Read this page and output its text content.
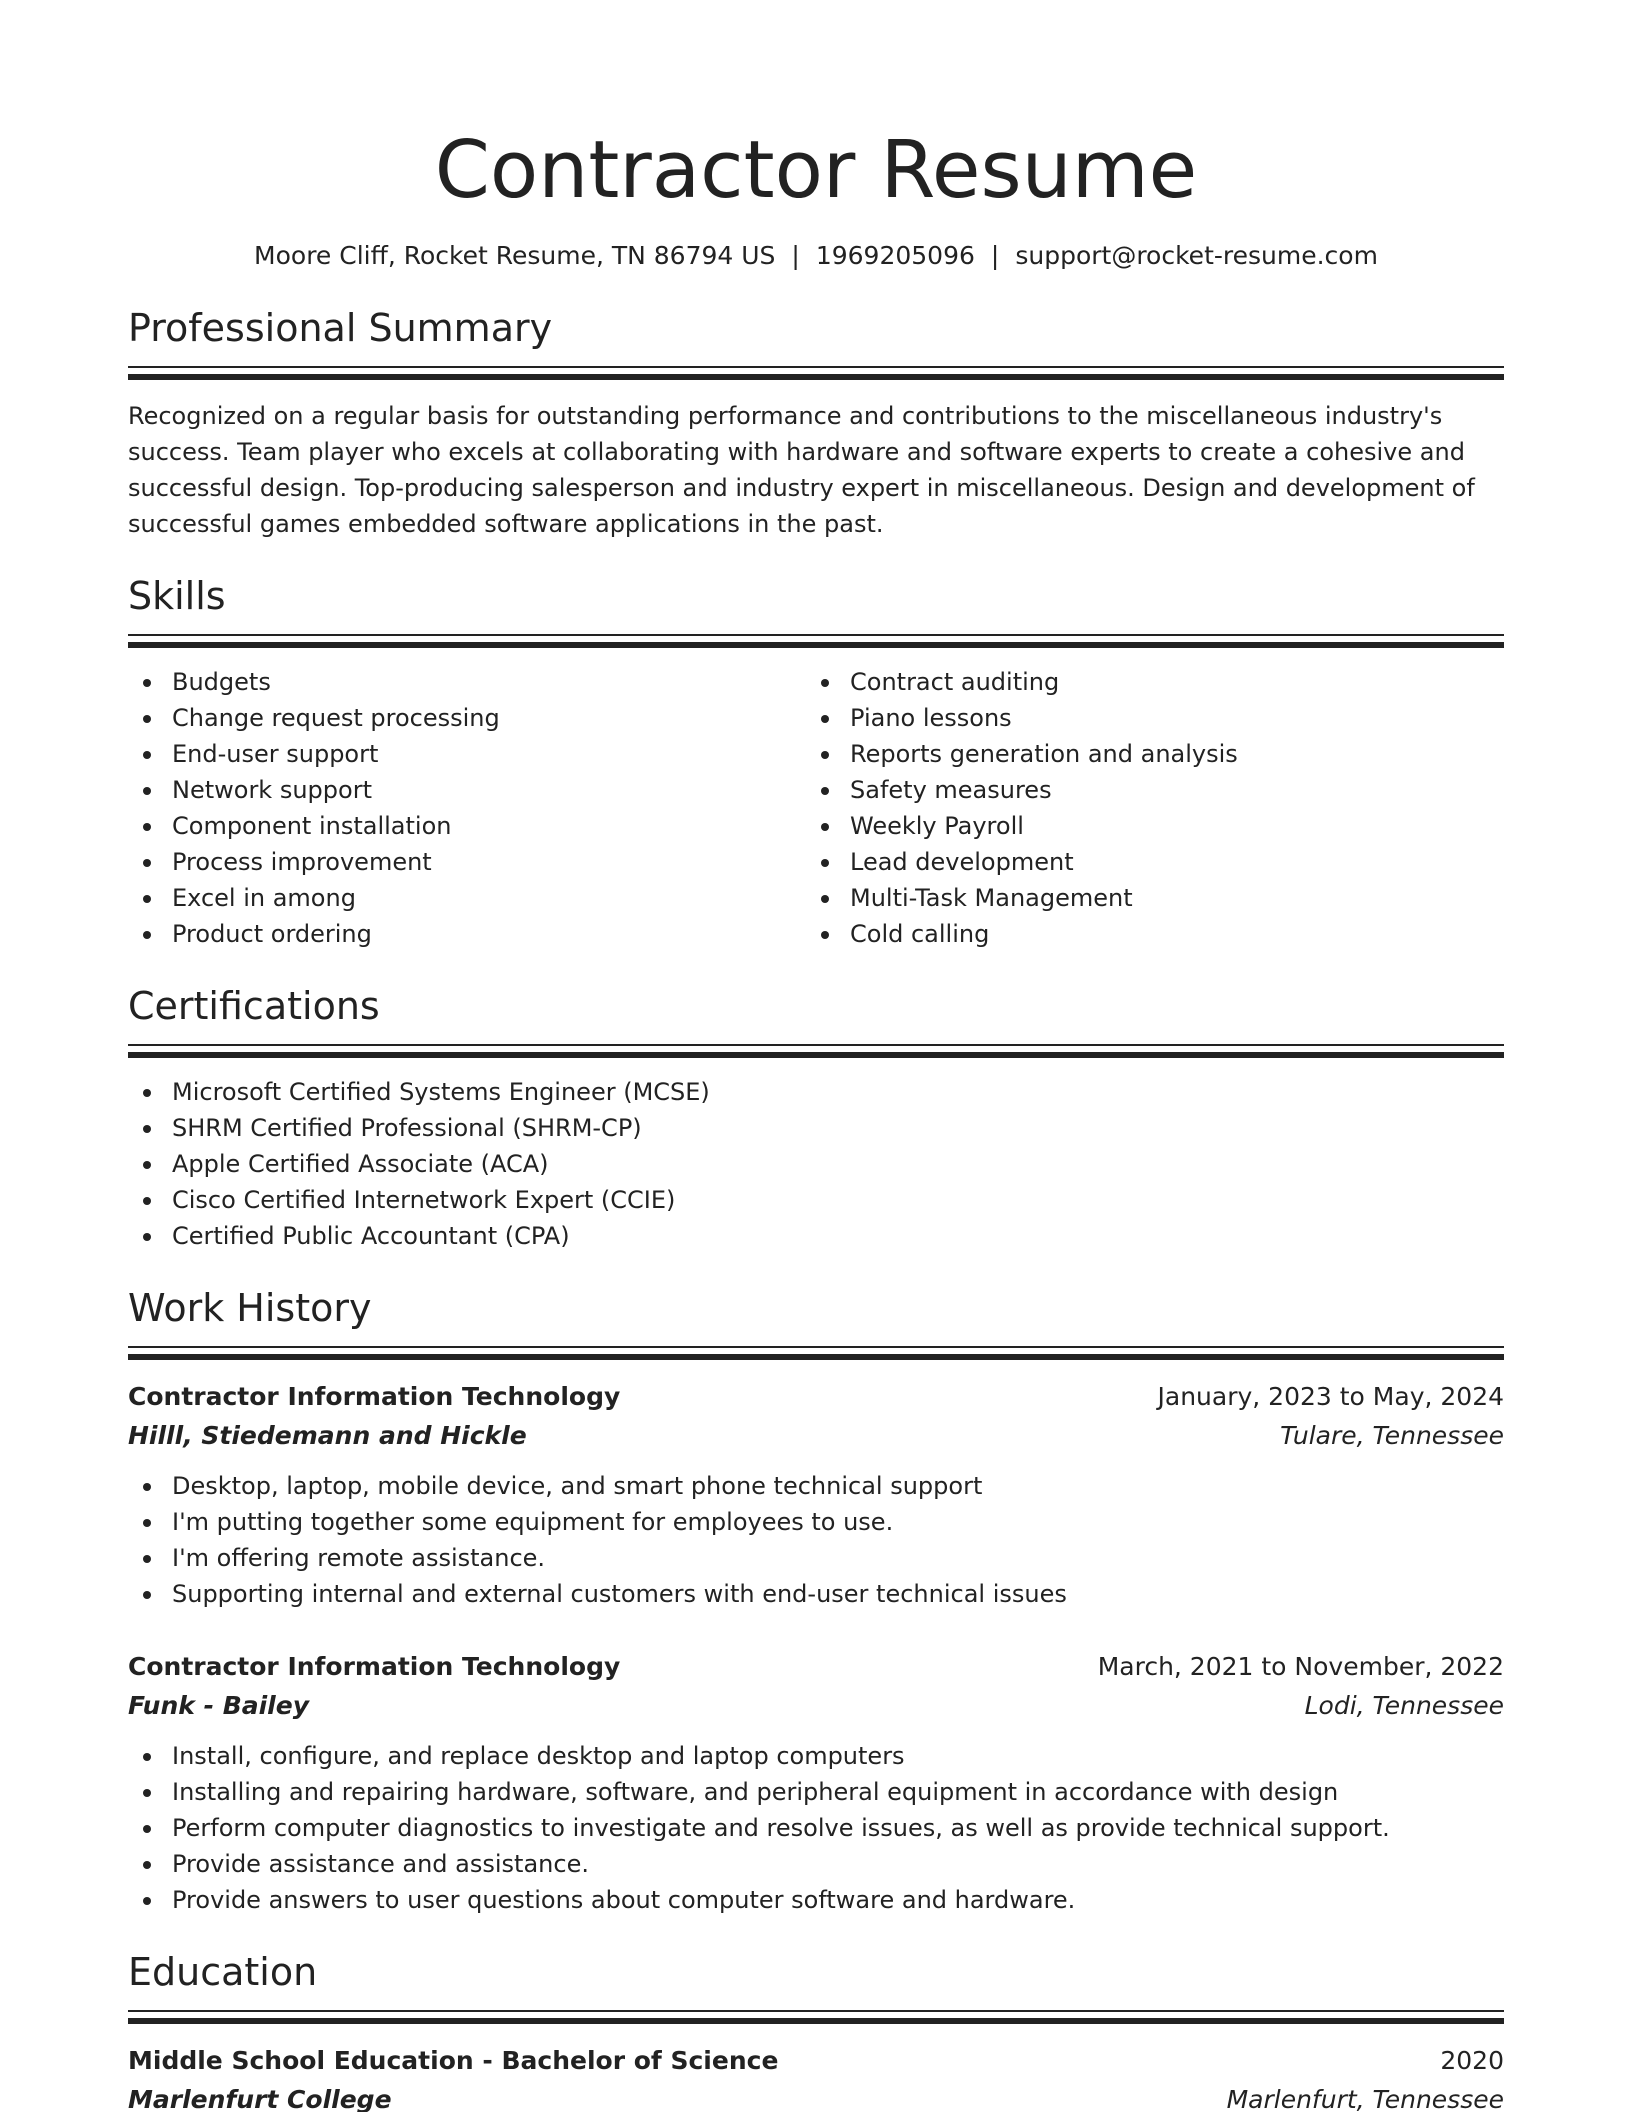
Contractor Resume
Moore Cliff, Rocket Resume, TN 86794 US | 1969205096 | support@rocket-resume.com
Professional Summary

Recognized on a regular basis for outstanding performance and contributions to the miscellaneous industry's success. Team player who excels at collaborating with hardware and software experts to create a cohesive and successful design. Top-producing salesperson and industry expert in miscellaneous. Design and development of successful games embedded software applications in the past.

Skills
Budgets
Change request processing
End-user support
Network support
Component installation
Process improvement
Excel in among
Product ordering
Contract auditing
Piano lessons
Reports generation and analysis
Safety measures
Weekly Payroll
Lead development
Multi-Task Management
Cold calling
Certifications
Microsoft Certified Systems Engineer (MCSE)
SHRM Certified Professional (SHRM-CP)
Apple Certified Associate (ACA)
Cisco Certified Internetwork Expert (CCIE)
Certified Public Accountant (CPA)
Work History
Contractor Information Technology	January, 2023 to May, 2024
Hilll, Stiedemann and Hickle	Tulare, Tennessee
Desktop, laptop, mobile device, and smart phone technical support
I'm putting together some equipment for employees to use.
I'm offering remote assistance.
Supporting internal and external customers with end-user technical issues
Contractor Information Technology	March, 2021 to November, 2022
Funk - Bailey	Lodi, Tennessee
Install, configure, and replace desktop and laptop computers
Installing and repairing hardware, software, and peripheral equipment in accordance with design
Perform computer diagnostics to investigate and resolve issues, as well as provide technical support.
Provide assistance and assistance.
Provide answers to user questions about computer software and hardware.
Education
Middle School Education - Bachelor of Science	2020
Marlenfurt College	Marlenfurt, Tennessee
